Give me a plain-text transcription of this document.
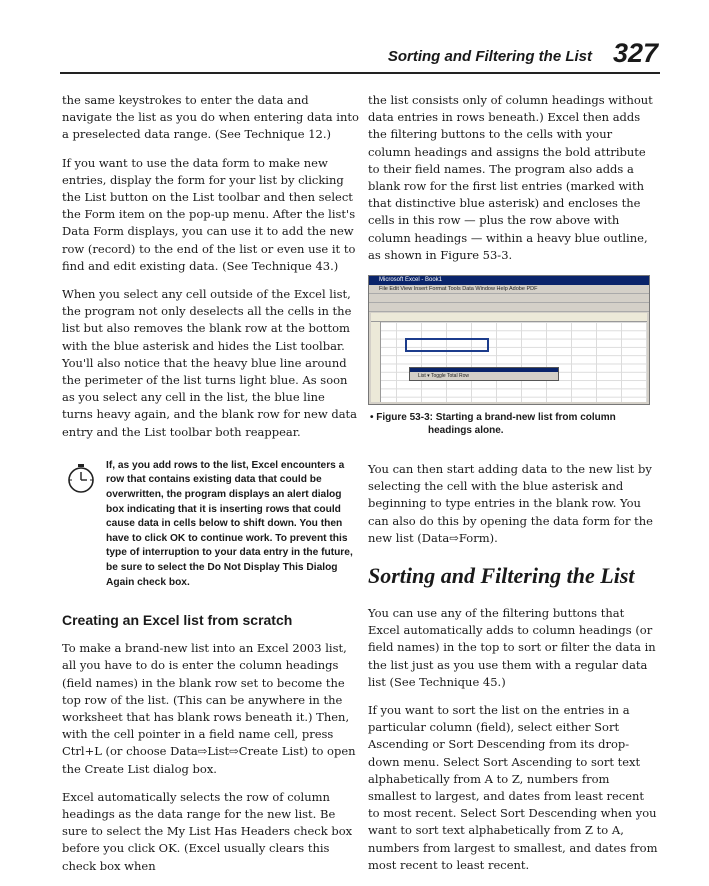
Sorting and Filtering the List 327

the same keystrokes to enter the data and navigate the list as you do when entering data into a preselected data range. (See Technique 12.)

If you want to use the data form to make new entries, display the form for your list by clicking the List button on the List toolbar and then select the Form item on the pop-up menu. After the list's Data Form displays, you can use it to add the new row (record) to the end of the list or even use it to find and edit existing data. (See Technique 43.)

When you select any cell outside of the Excel list, the program not only deselects all the cells in the list but also removes the blank row at the bottom with the blue asterisk and hides the List toolbar. You'll also notice that the heavy blue line around the perimeter of the list turns light blue. As soon as you select any cell in the list, the blue line turns heavy again, and the blank row for new data entry and the List toolbar both reappear.

If, as you add rows to the list, Excel encounters a row that contains existing data that could be overwritten, the program displays an alert dialog box indicating that it is inserting rows that could cause data in cells below to shift down. You then have to click OK to continue work. To prevent this type of interruption to your data entry in the future, be sure to select the Do Not Display This Dialog Again check box.
Creating an Excel list from scratch

To make a brand-new list into an Excel 2003 list, all you have to do is enter the column headings (field names) in the blank row set to become the top row of the list. (This can be anywhere in the worksheet that has blank rows beneath it.) Then, with the cell pointer in a field name cell, press Ctrl+L (or choose Data⇨List⇨Create List) to open the Create List dialog box.

Excel automatically selects the row of column headings as the data range for the new list. Be sure to select the My List Has Headers check box before you click OK. (Excel usually clears this check box when

the list consists only of column headings without data entries in rows beneath.) Excel then adds the filtering buttons to the cells with your column headings and assigns the bold attribute to their field names. The program also adds a blank row for the first list entries (marked with that distinctive blue asterisk) and encloses the cells in this row — plus the row above with column headings — within a heavy blue outline, as shown in Figure 53-3.

Microsoft Excel - Book1
File Edit View Insert Format Tools Data Window Help Adobe PDF
List ▾ Toggle Total Row
• Figure 53-3: Starting a brand-new list from column
headings alone.

You can then start adding data to the new list by selecting the cell with the blue asterisk and beginning to type entries in the blank row. You can also do this by opening the data form for the new list (Data⇨Form).

Sorting and Filtering the List

You can use any of the filtering buttons that Excel automatically adds to column headings (or field names) in the top to sort or filter the data in the list just as you use them with a regular data list (See Technique 45.)

If you want to sort the list on the entries in a particular column (field), select either Sort Ascending or Sort Descending from its drop-down menu. Select Sort Ascending to sort text alphabetically from A to Z, numbers from smallest to largest, and dates from least recent to most recent. Select Sort Descending when you want to sort text alphabetically from Z to A, numbers from largest to smallest, and dates from most recent to least recent.
